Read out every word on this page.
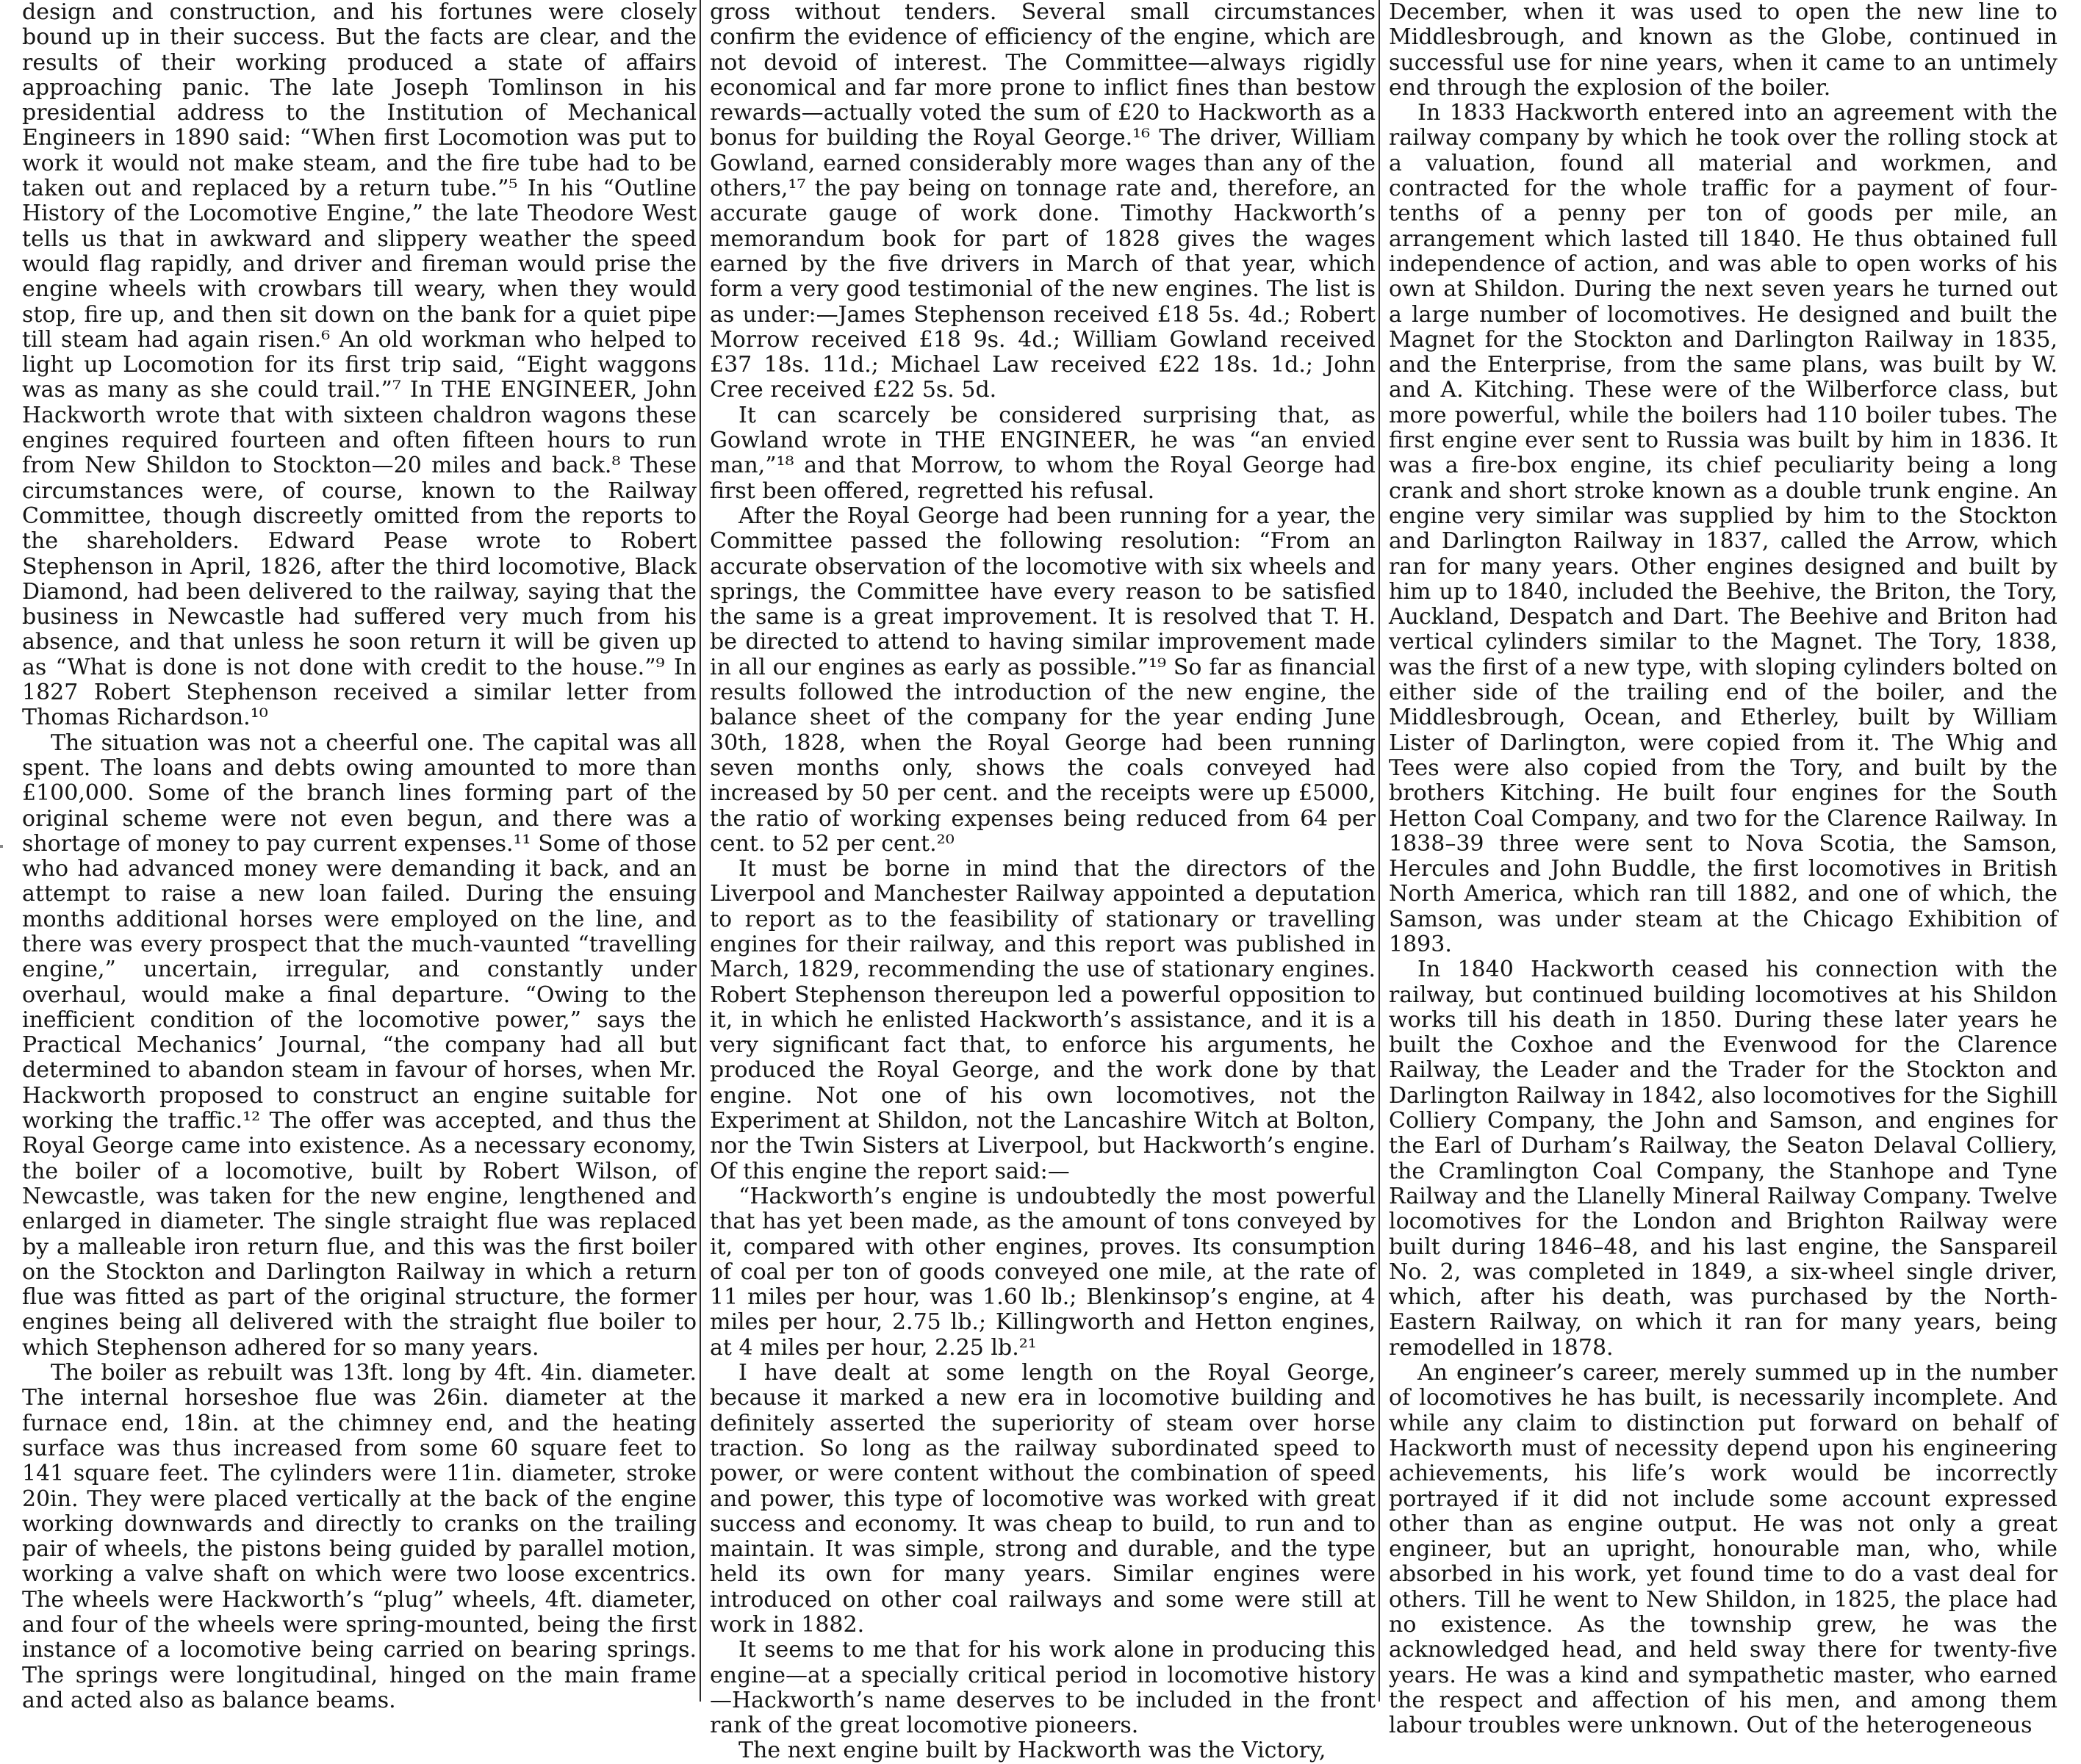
design and construction, and his fortunes were closely bound up in their success. But the facts are clear, and the results of their working produced a state of affairs approaching panic. The late Joseph Tomlinson in his presidential address to the Institution of Mechanical Engineers in 1890 said: “When first Locomotion was put to work it would not make steam, and the fire tube had to be taken out and replaced by a return tube.”⁵ In his “Outline History of the Locomotive Engine,” the late Theodore West tells us that in awkward and slippery weather the speed would flag rapidly, and driver and fireman would prise the engine wheels with crowbars till weary, when they would stop, fire up, and then sit down on the bank for a quiet pipe till steam had again risen.⁶ An old workman who helped to light up Locomotion for its first trip said, “Eight waggons was as many as she could trail.”⁷ In THE ENGINEER, John Hackworth wrote that with sixteen chaldron wagons these engines required fourteen and often fifteen hours to run from New Shildon to Stockton—20 miles and back.⁸ These circumstances were, of course, known to the Railway Committee, though discreetly omitted from the reports to the shareholders. Edward Pease wrote to Robert Stephenson in April, 1826, after the third locomotive, Black Diamond, had been delivered to the railway, saying that the business in Newcastle had suffered very much from his absence, and that unless he soon return it will be given up as “What is done is not done with credit to the house.”⁹ In 1827 Robert Stephenson received a similar letter from Thomas Richardson.¹⁰

The situation was not a cheerful one. The capital was all spent. The loans and debts owing amounted to more than £100,000. Some of the branch lines forming part of the original scheme were not even begun, and there was a shortage of money to pay current expenses.¹¹ Some of those who had advanced money were demanding it back, and an attempt to raise a new loan failed. During the ensuing months additional horses were employed on the line, and there was every prospect that the much-vaunted “travelling engine,” uncertain, irregular, and constantly under overhaul, would make a final departure. “Owing to the inefficient condition of the locomotive power,” says the Practical Mechanics’ Journal, “the company had all but determined to abandon steam in favour of horses, when Mr. Hackworth proposed to construct an engine suitable for working the traffic.¹² The offer was accepted, and thus the Royal George came into existence. As a necessary economy, the boiler of a locomotive, built by Robert Wilson, of Newcastle, was taken for the new engine, lengthened and enlarged in diameter. The single straight flue was replaced by a malleable iron return flue, and this was the first boiler on the Stockton and Darlington Railway in which a return flue was fitted as part of the original structure, the former engines being all delivered with the straight flue boiler to which Stephenson adhered for so many years.

The boiler as rebuilt was 13ft. long by 4ft. 4in. diameter. The internal horseshoe flue was 26in. diameter at the furnace end, 18in. at the chimney end, and the heating surface was thus increased from some 60 square feet to 141 square feet. The cylinders were 11in. diameter, stroke 20in. They were placed vertically at the back of the engine working downwards and directly to cranks on the trailing pair of wheels, the pistons being guided by parallel motion, working a valve shaft on which were two loose excentrics. The wheels were Hackworth’s “plug” wheels, 4ft. diameter, and four of the wheels were spring-mounted, being the first instance of a locomotive being carried on bearing springs. The springs were longitudinal, hinged on the main frame and acted also as balance beams.

gross without tenders. Several small circumstances confirm the evidence of efficiency of the engine, which are not devoid of interest. The Committee—always rigidly economical and far more prone to inflict fines than bestow rewards—actually voted the sum of £20 to Hackworth as a bonus for building the Royal George.¹⁶ The driver, William Gowland, earned considerably more wages than any of the others,¹⁷ the pay being on tonnage rate and, therefore, an accurate gauge of work done. Timothy Hackworth’s memorandum book for part of 1828 gives the wages earned by the five drivers in March of that year, which form a very good testimonial of the new engines. The list is as under:—James Stephenson received £18 5s. 4d.; Robert Morrow received £18 9s. 4d.; William Gowland received £37 18s. 11d.; Michael Law received £22 18s. 1d.; John Cree received £22 5s. 5d.

It can scarcely be considered surprising that, as Gowland wrote in THE ENGINEER, he was “an envied man,”¹⁸ and that Morrow, to whom the Royal George had first been offered, regretted his refusal.

After the Royal George had been running for a year, the Committee passed the following resolution: “From an accurate observation of the locomotive with six wheels and springs, the Committee have every reason to be satisfied the same is a great improvement. It is resolved that T. H. be directed to attend to having similar improvement made in all our engines as early as possible.”¹⁹ So far as financial results followed the introduction of the new engine, the balance sheet of the company for the year ending June 30th, 1828, when the Royal George had been running seven months only, shows the coals conveyed had increased by 50 per cent. and the receipts were up £5000, the ratio of working expenses being reduced from 64 per cent. to 52 per cent.²⁰

It must be borne in mind that the directors of the Liverpool and Manchester Railway appointed a deputation to report as to the feasibility of stationary or travelling engines for their railway, and this report was published in March, 1829, recommending the use of stationary engines. Robert Stephenson thereupon led a powerful opposition to it, in which he enlisted Hackworth’s assistance, and it is a very significant fact that, to enforce his arguments, he produced the Royal George, and the work done by that engine. Not one of his own locomotives, not the Experiment at Shildon, not the Lancashire Witch at Bolton, nor the Twin Sisters at Liverpool, but Hackworth’s engine. Of this engine the report said:—

“Hackworth’s engine is undoubtedly the most powerful that has yet been made, as the amount of tons conveyed by it, compared with other engines, proves. Its consumption of coal per ton of goods conveyed one mile, at the rate of 11 miles per hour, was 1.60 lb.; Blenkinsop’s engine, at 4 miles per hour, 2.75 lb.; Killingworth and Hetton engines, at 4 miles per hour, 2.25 lb.²¹

I have dealt at some length on the Royal George, because it marked a new era in locomotive building and definitely asserted the superiority of steam over horse traction. So long as the railway subordinated speed to power, or were content without the combination of speed and power, this type of locomotive was worked with great success and economy. It was cheap to build, to run and to maintain. It was simple, strong and durable, and the type held its own for many years. Similar engines were introduced on other coal railways and some were still at work in 1882.

It seems to me that for his work alone in producing this engine—at a specially critical period in locomotive history—Hackworth’s name deserves to be included in the front rank of the great locomotive pioneers.

The next engine built by Hackworth was the Victory,

December, when it was used to open the new line to Middlesbrough, and known as the Globe, continued in successful use for nine years, when it came to an untimely end through the explosion of the boiler.

In 1833 Hackworth entered into an agreement with the railway company by which he took over the rolling stock at a valuation, found all material and workmen, and contracted for the whole traffic for a payment of four-tenths of a penny per ton of goods per mile, an arrangement which lasted till 1840. He thus obtained full independence of action, and was able to open works of his own at Shildon. During the next seven years he turned out a large number of locomotives. He designed and built the Magnet for the Stockton and Darlington Railway in 1835, and the Enterprise, from the same plans, was built by W. and A. Kitching. These were of the Wilberforce class, but more powerful, while the boilers had 110 boiler tubes. The first engine ever sent to Russia was built by him in 1836. It was a fire-box engine, its chief peculiarity being a long crank and short stroke known as a double trunk engine. An engine very similar was supplied by him to the Stockton and Darlington Railway in 1837, called the Arrow, which ran for many years. Other engines designed and built by him up to 1840, included the Beehive, the Briton, the Tory, Auckland, Despatch and Dart. The Beehive and Briton had vertical cylinders similar to the Magnet. The Tory, 1838, was the first of a new type, with sloping cylinders bolted on either side of the trailing end of the boiler, and the Middlesbrough, Ocean, and Etherley, built by William Lister of Darlington, were copied from it. The Whig and Tees were also copied from the Tory, and built by the brothers Kitching. He built four engines for the South Hetton Coal Company, and two for the Clarence Railway. In 1838–39 three were sent to Nova Scotia, the Samson, Hercules and John Buddle, the first locomotives in British North America, which ran till 1882, and one of which, the Samson, was under steam at the Chicago Exhibition of 1893.

In 1840 Hackworth ceased his connection with the railway, but continued building locomotives at his Shildon works till his death in 1850. During these later years he built the Coxhoe and the Evenwood for the Clarence Railway, the Leader and the Trader for the Stockton and Darlington Railway in 1842, also locomotives for the Sighill Colliery Company, the John and Samson, and engines for the Earl of Durham’s Railway, the Seaton Delaval Colliery, the Cramlington Coal Company, the Stanhope and Tyne Railway and the Llanelly Mineral Railway Company. Twelve locomotives for the London and Brighton Railway were built during 1846–48, and his last engine, the Sanspareil No. 2, was completed in 1849, a six-wheel single driver, which, after his death, was purchased by the North-Eastern Railway, on which it ran for many years, being remodelled in 1878.

An engineer’s career, merely summed up in the number of locomotives he has built, is necessarily incomplete. And while any claim to distinction put forward on behalf of Hackworth must of necessity depend upon his engineering achievements, his life’s work would be incorrectly portrayed if it did not include some account expressed other than as engine output. He was not only a great engineer, but an upright, honourable man, who, while absorbed in his work, yet found time to do a vast deal for others. Till he went to New Shildon, in 1825, the place had no existence. As the township grew, he was the acknowledged head, and held sway there for twenty-five years. He was a kind and sympathetic master, who earned the respect and affection of his men, and among them labour troubles were unknown. Out of the heterogeneous
